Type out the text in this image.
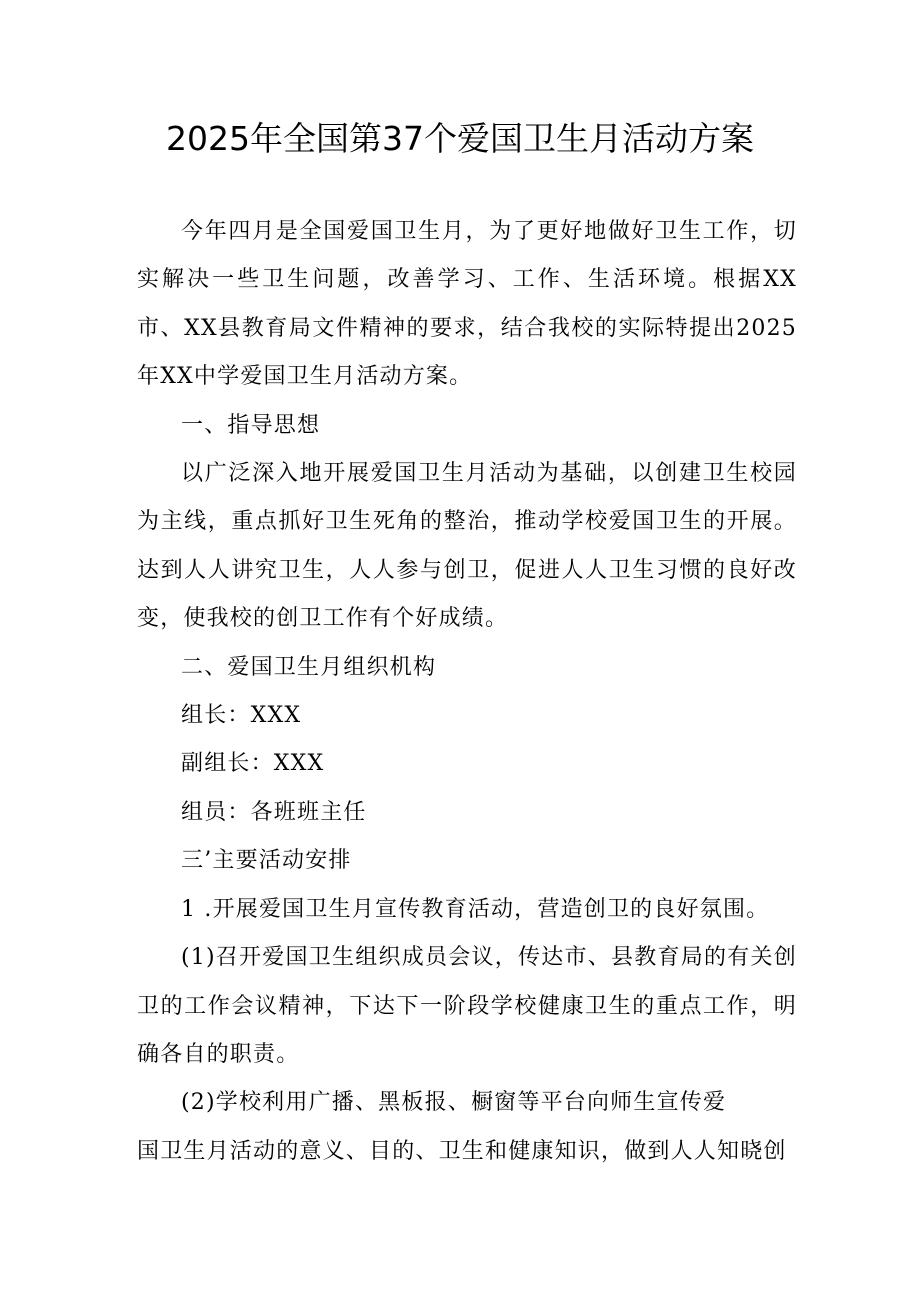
2025年全国第37个爱国卫生月活动方案

今年四月是全国爱国卫生月，为了更好地做好卫生工作，切实解决一些卫生问题，改善学习、工作、生活环境。根据XX市、XX县教育局文件精神的要求，结合我校的实际特提出2025年XX中学爱国卫生月活动方案。

一、指导思想

以广泛深入地开展爱国卫生月活动为基础，以创建卫生校园为主线，重点抓好卫生死角的整治，推动学校爱国卫生的开展。达到人人讲究卫生，人人参与创卫，促进人人卫生习惯的良好改变，使我校的创卫工作有个好成绩。

二、爱国卫生月组织机构

组长：XXX

副组长：XXX

组员：各班班主任

三’主要活动安排

1 .开展爱国卫生月宣传教育活动，营造创卫的良好氛围。

(1)召开爱国卫生组织成员会议，传达市、县教育局的有关创卫的工作会议精神，下达下一阶段学校健康卫生的重点工作，明确各自的职责。

(2)学校利用广播、黑板报、橱窗等平台向师生宣传爱
国卫生月活动的意义、目的、卫生和健康知识，做到人人知晓创
